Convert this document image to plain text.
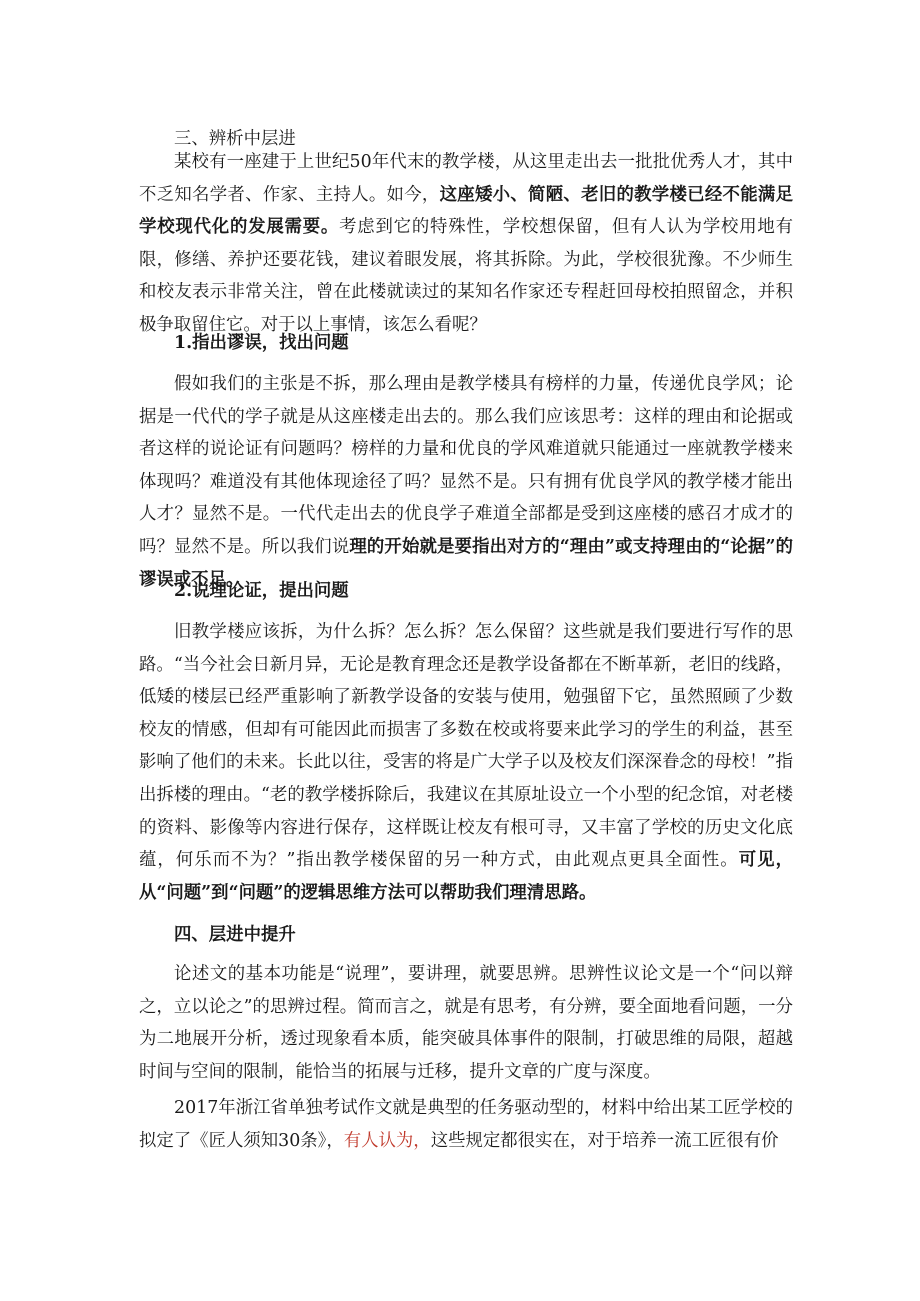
三、辨析中层进

某校有一座建于上世纪50年代末的教学楼，从这里走出去一批批优秀人才，其中不乏知名学者、作家、主持人。如今，这座矮小、简陋、老旧的教学楼已经不能满足学校现代化的发展需要。考虑到它的特殊性，学校想保留，但有人认为学校用地有限，修缮、养护还要花钱，建议着眼发展，将其拆除。为此，学校很犹豫。不少师生和校友表示非常关注，曾在此楼就读过的某知名作家还专程赶回母校拍照留念，并积极争取留住它。对于以上事情，该怎么看呢？

1.指出谬误，找出问题

假如我们的主张是不拆，那么理由是教学楼具有榜样的力量，传递优良学风；论据是一代代的学子就是从这座楼走出去的。那么我们应该思考：这样的理由和论据或者这样的说论证有问题吗？榜样的力量和优良的学风难道就只能通过一座就教学楼来体现吗？难道没有其他体现途径了吗？显然不是。只有拥有优良学风的教学楼才能出人才？显然不是。一代代走出去的优良学子难道全部都是受到这座楼的感召才成才的吗？显然不是。所以我们说理的开始就是要指出对方的“理由”或支持理由的“论据”的谬误或不足。

2.说理论证，提出问题

旧教学楼应该拆，为什么拆？怎么拆？怎么保留？这些就是我们要进行写作的思路。“当今社会日新月异，无论是教育理念还是教学设备都在不断革新，老旧的线路，低矮的楼层已经严重影响了新教学设备的安装与使用，勉强留下它，虽然照顾了少数校友的情感，但却有可能因此而损害了多数在校或将要来此学习的学生的利益，甚至影响了他们的未来。长此以往，受害的将是广大学子以及校友们深深眷念的母校！”指出拆楼的理由。“老的教学楼拆除后，我建议在其原址设立一个小型的纪念馆，对老楼的资料、影像等内容进行保存，这样既让校友有根可寻，又丰富了学校的历史文化底蕴，何乐而不为？”指出教学楼保留的另一种方式，由此观点更具全面性。可见，从“问题”到“问题”的逻辑思维方法可以帮助我们理清思路。

四、层进中提升

论述文的基本功能是“说理”，要讲理，就要思辨。思辨性议论文是一个“问以辩之，立以论之”的思辨过程。简而言之，就是有思考，有分辨，要全面地看问题，一分为二地展开分析，透过现象看本质，能突破具体事件的限制，打破思维的局限，超越时间与空间的限制，能恰当的拓展与迁移，提升文章的广度与深度。

2017年浙江省单独考试作文就是典型的任务驱动型的，材料中给出某工匠学校的拟定了《匠人须知30条》，有人认为，这些规定都很实在，对于培养一流工匠很有价
